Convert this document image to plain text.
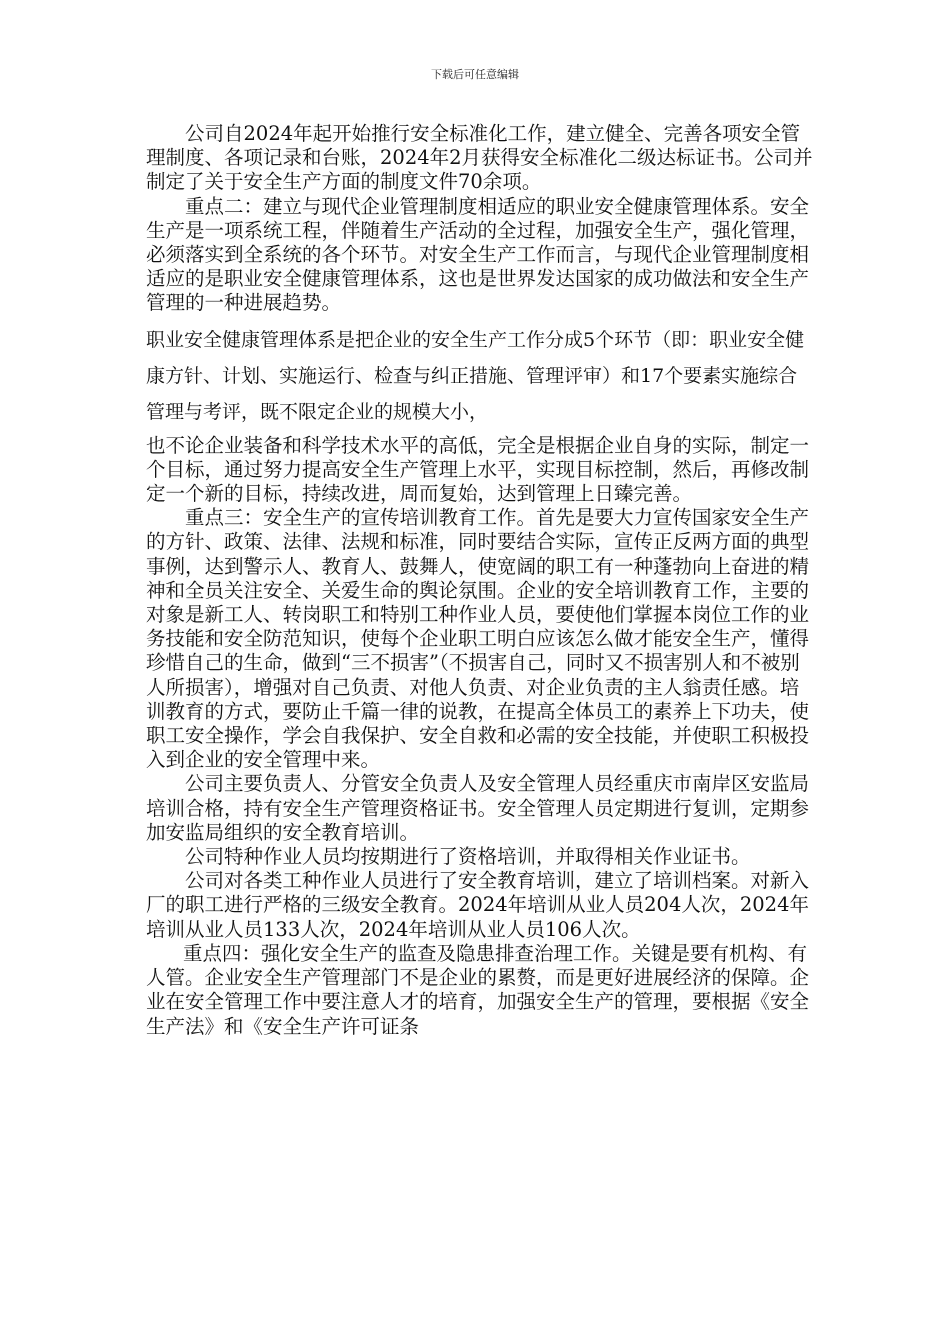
下载后可任意编辑

公司自2024年起开始推行安全标准化工作，建立健全、完善各项安全管理制度、各项记录和台账，2024年2月获得安全标准化二级达标证书。公司并制定了关于安全生产方面的制度文件70余项。

重点二：建立与现代企业管理制度相适应的职业安全健康管理体系。安全生产是一项系统工程，伴随着生产活动的全过程，加强安全生产，强化管理，必须落实到全系统的各个环节。对安全生产工作而言，与现代企业管理制度相适应的是职业安全健康管理体系，这也是世界发达国家的成功做法和安全生产管理的一种进展趋势。

职业安全健康管理体系是把企业的安全生产工作分成5个环节（即：职业安全健康方针、计划、实施运行、检查与纠正措施、管理评审）和17个要素实施综合管理与考评，既不限定企业的规模大小，

也不论企业装备和科学技术水平的高低，完全是根据企业自身的实际，制定一个目标，通过努力提高安全生产管理上水平，实现目标控制，然后，再修改制定一个新的目标，持续改进，周而复始，达到管理上日臻完善。

重点三：安全生产的宣传培训教育工作。首先是要大力宣传国家安全生产的方针、政策、法律、法规和标准，同时要结合实际，宣传正反两方面的典型事例，达到警示人、教育人、鼓舞人，使宽阔的职工有一种蓬勃向上奋进的精神和全员关注安全、关爱生命的舆论氛围。企业的安全培训教育工作，主要的对象是新工人、转岗职工和特别工种作业人员，要使他们掌握本岗位工作的业务技能和安全防范知识，使每个企业职工明白应该怎么做才能安全生产，懂得珍惜自己的生命，做到“三不损害”（不损害自己，同时又不损害别人和不被别人所损害），增强对自己负责、对他人负责、对企业负责的主人翁责任感。培训教育的方式，要防止千篇一律的说教，在提高全体员工的素养上下功夫，使职工安全操作，学会自我保护、安全自救和必需的安全技能，并使职工积极投入到企业的安全管理中来。

公司主要负责人、分管安全负责人及安全管理人员经重庆市南岸区安监局培训合格，持有安全生产管理资格证书。安全管理人员定期进行复训，定期参加安监局组织的安全教育培训。

公司特种作业人员均按期进行了资格培训，并取得相关作业证书。

公司对各类工种作业人员进行了安全教育培训，建立了培训档案。对新入厂的职工进行严格的三级安全教育。2024年培训从业人员204人次，2024年培训从业人员133人次，2024年培训从业人员106人次。

重点四：强化安全生产的监查及隐患排查治理工作。关键是要有机构、有人管。企业安全生产管理部门不是企业的累赘，而是更好进展经济的保障。企业在安全管理工作中要注意人才的培育，加强安全生产的管理，要根据《安全生产法》和《安全生产许可证条
